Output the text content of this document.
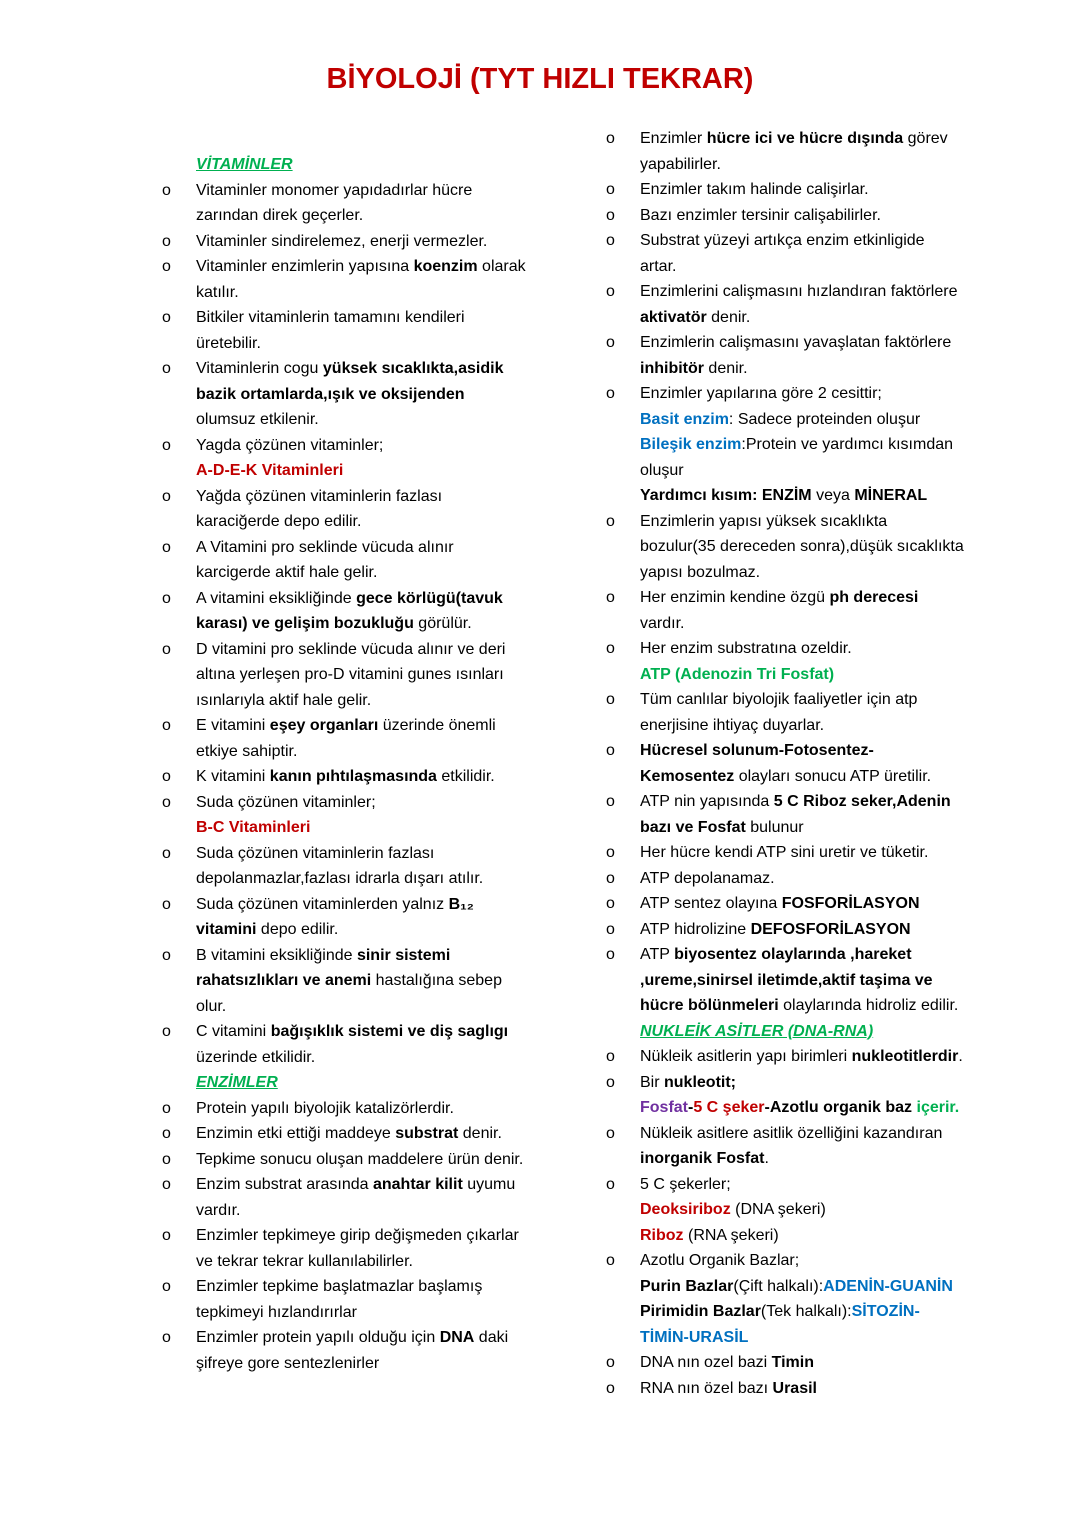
BİYOLOJİ (TYT HIZLI TEKRAR)
VİTAMİNLER
o	Vitaminler monomer yapıdadırlar hücre zarından direk geçerler.
o	Vitaminler sindirelemez, enerji vermezler.
o	Vitaminler enzimlerin yapısına koenzim olarak katılır.
o	Bitkiler vitaminlerin tamamını kendileri üretebilir.
o	Vitaminlerin cogu yüksek sıcaklıkta,asidik bazik ortamlarda,ışık ve oksijenden olumsuz etkilenir.
o	Yagda çözünen vitaminler;
A-D-E-K Vitaminleri
o	Yağda çözünen vitaminlerin fazlası karaciğerde depo edilir.
o	A Vitamini pro seklinde vücuda alınır karcigerde aktif hale gelir.
o	A vitamini eksikliğinde gece körlügü(tavuk karası) ve gelişim bozukluğu görülür.
o	D vitamini pro seklinde vücuda alınır ve deri altına yerleşen pro-D vitamini gunes ısınları ısınlarıyla aktif hale gelir.
o	E vitamini eşey organları üzerinde önemli etkiye sahiptir.
o	K vitamini kanın pıhtılaşmasında etkilidir.
o	Suda çözünen vitaminler;
B-C Vitaminleri
o	Suda çözünen vitaminlerin fazlası depolanmazlar,fazlası idrarla dışarı atılır.
o	Suda çözünen vitaminlerden yalnız B₁₂ vitamini depo edilir.
o	B vitamini eksikliğinde sinir sistemi rahatsızlıkları ve anemi hastalığına sebep olur.
o	C vitamini bağışıklık sistemi ve diş saglıgı üzerinde etkilidir.
ENZİMLER
o	Protein yapılı biyolojik katalizörlerdir.
o	Enzimin etki ettiği maddeye substrat denir.
o	Tepkime sonucu oluşan maddelere ürün denir.
o	Enzim substrat arasında anahtar kilit uyumu vardır.
o	Enzimler tepkimeye girip değişmeden çıkarlar ve tekrar tekrar kullanılabilirler.
o	Enzimler tepkime başlatmazlar başlamış tepkimeyi hızlandırırlar
o	Enzimler protein yapılı olduğu için DNA daki şifreye gore sentezlenirler
o	Enzimler hücre ici ve hücre dışında görev yapabilirler.
o	Enzimler takım halinde calişirlar.
o	Bazı enzimler tersinir calişabilirler.
o	Substrat yüzeyi artıkça enzim etkinligide artar.
o	Enzimlerini calişmasını hızlandıran faktörlere aktivatör denir.
o	Enzimlerin calişmasını yavaşlatan faktörlere inhibitör denir.
o	Enzimler yapılarına göre 2 cesittir;
Basit enzim: Sadece proteinden oluşur
Bileşik enzim:Protein ve yardımcı kısımdan oluşur
Yardımcı kısım: ENZİM veya MİNERAL
o	Enzimlerin yapısı yüksek sıcaklıkta bozulur(35 dereceden sonra),düşük sıcaklıkta yapısı bozulmaz.
o	Her enzimin kendine özgü ph derecesi vardır.
o	Her enzim substratına ozeldir.
ATP (Adenozin Tri Fosfat)
o	Tüm canlılar biyolojik faaliyetler için atp enerjisine ihtiyaç duyarlar.
o	Hücresel solunum-Fotosentez-Kemosentez olayları sonucu ATP üretilir.
o	ATP nin yapısında 5 C Riboz seker,Adenin bazı ve Fosfat bulunur
o	Her hücre kendi ATP sini uretir ve tüketir.
o	ATP depolanamaz.
o	ATP sentez olayına FOSFORİLASYON
o	ATP hidrolizine DEFOSFORİLASYON
o	ATP biyosentez olaylarında ,hareket ,ureme,sinirsel iletimde,aktif taşima ve hücre bölünmeleri olaylarında hidroliz edilir.
NUKLEİK ASİTLER (DNA-RNA)
o	Nükleik asitlerin yapı birimleri nukleotitlerdir.
o	Bir nukleotit;
Fosfat-5 C şeker-Azotlu organik baz içerir.
o	Nükleik asitlere asitlik özelliğini kazandıran inorganik Fosfat.
o	5 C şekerler;
Deoksiriboz (DNA şekeri)
Riboz (RNA şekeri)
o	Azotlu Organik Bazlar;
Purin Bazlar(Çift halkalı):ADENİN-GUANİN
Pirimidin Bazlar(Tek halkalı):SİTOZİN-TİMİN-URASİL
o	DNA nın ozel bazi Timin
o	RNA nın özel bazı Urasil
